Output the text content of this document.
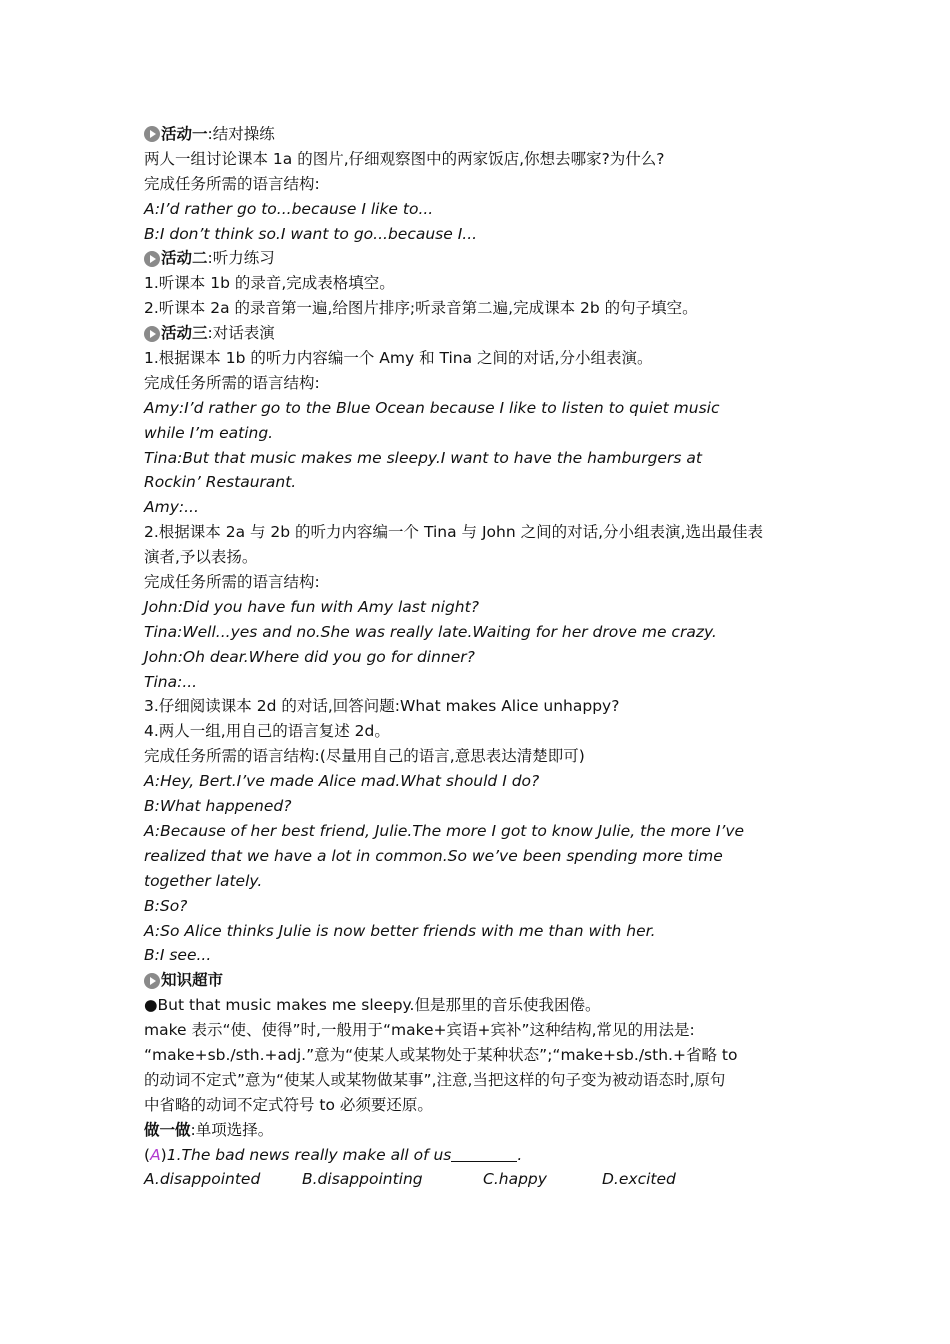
活动一 :结对操练
两人一组讨论课本 1a 的图片,仔细观察图中的两家饭店,你想去哪家?为什么?
完成任务所需的语言结构:
A:I’d rather go to...because I like to...
B:I don’t think so.I want to go...because I...
活动二 :听力练习
1.听课本 1b 的录音,完成表格填空。
2.听课本 2a 的录音第一遍,给图片排序;听录音第二遍,完成课本 2b 的句子填空。
活动三 :对话表演
1.根据课本 1b 的听力内容编一个 Amy 和 Tina 之间的对话,分小组表演。
完成任务所需的语言结构:
Amy:I’d rather go to the Blue Ocean because I like to listen to quiet music
while I’m eating.
Tina:But that music makes me sleepy.I want to have the hamburgers at
Rockin’ Restaurant.
Amy:...
2.根据课本 2a 与 2b 的听力内容编一个 Tina 与 John 之间的对话,分小组表演,选出最佳表
演者,予以表扬。
完成任务所需的语言结构:
John:Did you have fun with Amy last night?
Tina:Well...yes and no.She was really late.Waiting for her drove me crazy.
John:Oh dear.Where did you go for dinner?
Tina:...
3.仔细阅读课本 2d 的对话,回答问题:What makes Alice unhappy?
4.两人一组,用自己的语言复述 2d。
完成任务所需的语言结构:(尽量用自己的语言,意思表达清楚即可)
A:Hey, Bert.I’ve made Alice mad.What should I do?
B:What happened?
A:Because of her best friend, Julie.The more I got to know Julie, the more I’ve
realized that we have a lot in common.So we’ve been spending more time
together lately.
B:So?
A:So Alice thinks Julie is now better friends with me than with her.
B:I see...
知识超市
●But that music makes me sleepy.但是那里的音乐使我困倦。
make 表示“使、使得”时,一般用于“make+宾语+宾补”这种结构,常见的用法是:
“make+sb./sth.+adj.”意为“使某人或某物处于某种状态”;“make+sb./sth.+省略 to
的动词不定式”意为“使某人或某物做某事”,注意,当把这样的句子变为被动语态时,原句
中省略的动词不定式符号 to 必须要还原。
做一做:单项选择。
(A)1.The bad news really make all of us	.
A.disappointed	B.disappointing	C.happy	D.excited
